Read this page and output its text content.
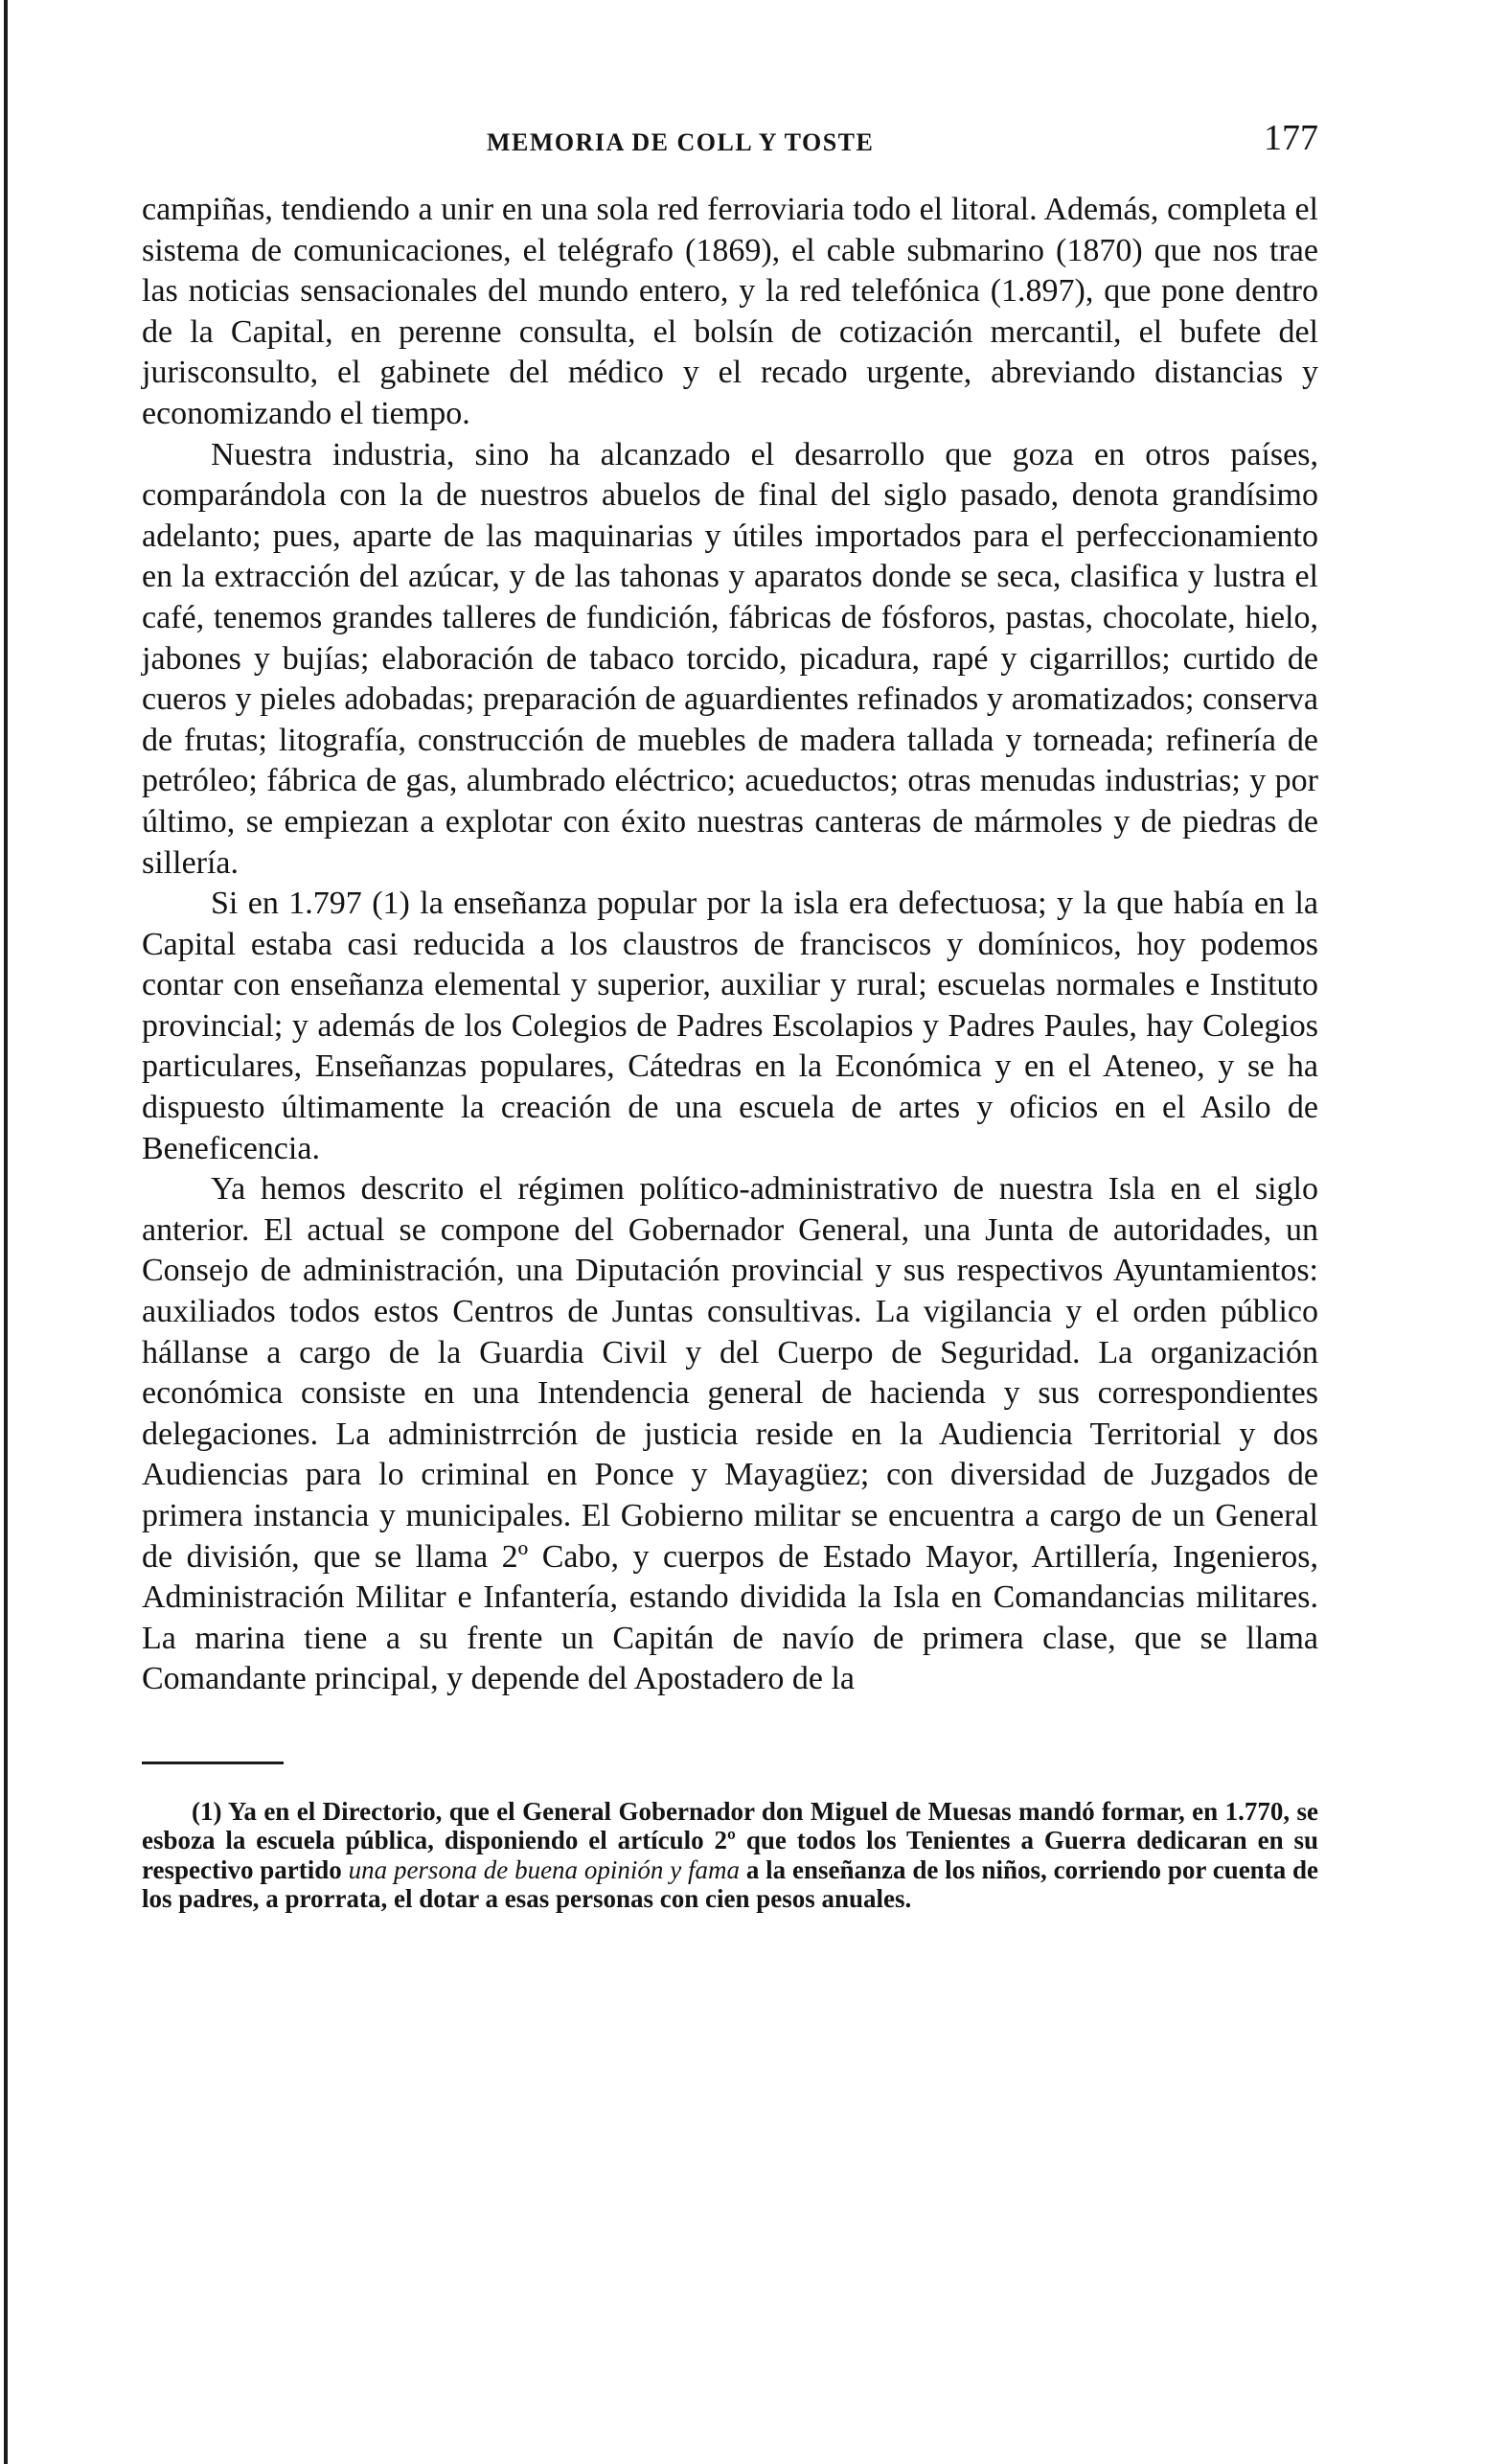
MEMORIA DE COLL Y TOSTE	177

campiñas, tendiendo a unir en una sola red ferroviaria todo el litoral. Además, completa el sistema de comunicaciones, el telégrafo (1869), el cable submarino (1870) que nos trae las noticias sensacionales del mundo entero, y la red telefónica (1.897), que pone dentro de la Capital, en perenne consulta, el bolsín de cotización mercantil, el bufete del jurisconsulto, el gabinete del médico y el recado urgente, abreviando distancias y economizando el tiempo.

Nuestra industria, sino ha alcanzado el desarrollo que goza en otros países, comparándola con la de nuestros abuelos de final del siglo pasado, denota grandísimo adelanto; pues, aparte de las maquinarias y útiles importados para el perfeccionamiento en la extracción del azúcar, y de las tahonas y aparatos donde se seca, clasifica y lustra el café, tenemos grandes talleres de fundición, fábricas de fósforos, pastas, chocolate, hielo, jabones y bujías; elaboración de tabaco torcido, picadura, rapé y cigarrillos; curtido de cueros y pieles adobadas; preparación de aguardientes refinados y aromatizados; conserva de frutas; litografía, construcción de muebles de madera tallada y torneada; refinería de petróleo; fábrica de gas, alumbrado eléctrico; acueductos; otras menudas industrias; y por último, se empiezan a explotar con éxito nuestras canteras de mármoles y de piedras de sillería.

Si en 1.797 (1) la enseñanza popular por la isla era defectuosa; y la que había en la Capital estaba casi reducida a los claustros de franciscos y domínicos, hoy podemos contar con enseñanza elemental y superior, auxiliar y rural; escuelas normales e Instituto provincial; y además de los Colegios de Padres Escolapios y Padres Paules, hay Colegios particulares, Enseñanzas populares, Cátedras en la Económica y en el Ateneo, y se ha dispuesto últimamente la creación de una escuela de artes y oficios en el Asilo de Beneficencia.

Ya hemos descrito el régimen político-administrativo de nuestra Isla en el siglo anterior. El actual se compone del Gobernador General, una Junta de autoridades, un Consejo de administración, una Diputación provincial y sus respectivos Ayuntamientos: auxiliados todos estos Centros de Juntas consultivas. La vigilancia y el orden público hállanse a cargo de la Guardia Civil y del Cuerpo de Seguridad. La organización económica consiste en una Intendencia general de hacienda y sus correspondientes delegaciones. La administrrción de justicia reside en la Audiencia Territorial y dos Audiencias para lo criminal en Ponce y Mayagüez; con diversidad de Juzgados de primera instancia y municipales. El Gobierno militar se encuentra a cargo de un General de división, que se llama 2º Cabo, y cuerpos de Estado Mayor, Artillería, Ingenieros, Administración Militar e Infantería, estando dividida la Isla en Comandancias militares. La marina tiene a su frente un Capitán de navío de primera clase, que se llama Comandante principal, y depende del Apostadero de la

(1) Ya en el Directorio, que el General Gobernador don Miguel de Muesas mandó formar, en 1.770, se esboza la escuela pública, disponiendo el artículo 2º que todos los Tenientes a Guerra dedicaran en su respectivo partido una persona de buena opinión y fama a la enseñanza de los niños, corriendo por cuenta de los padres, a prorrata, el dotar a esas personas con cien pesos anuales.
